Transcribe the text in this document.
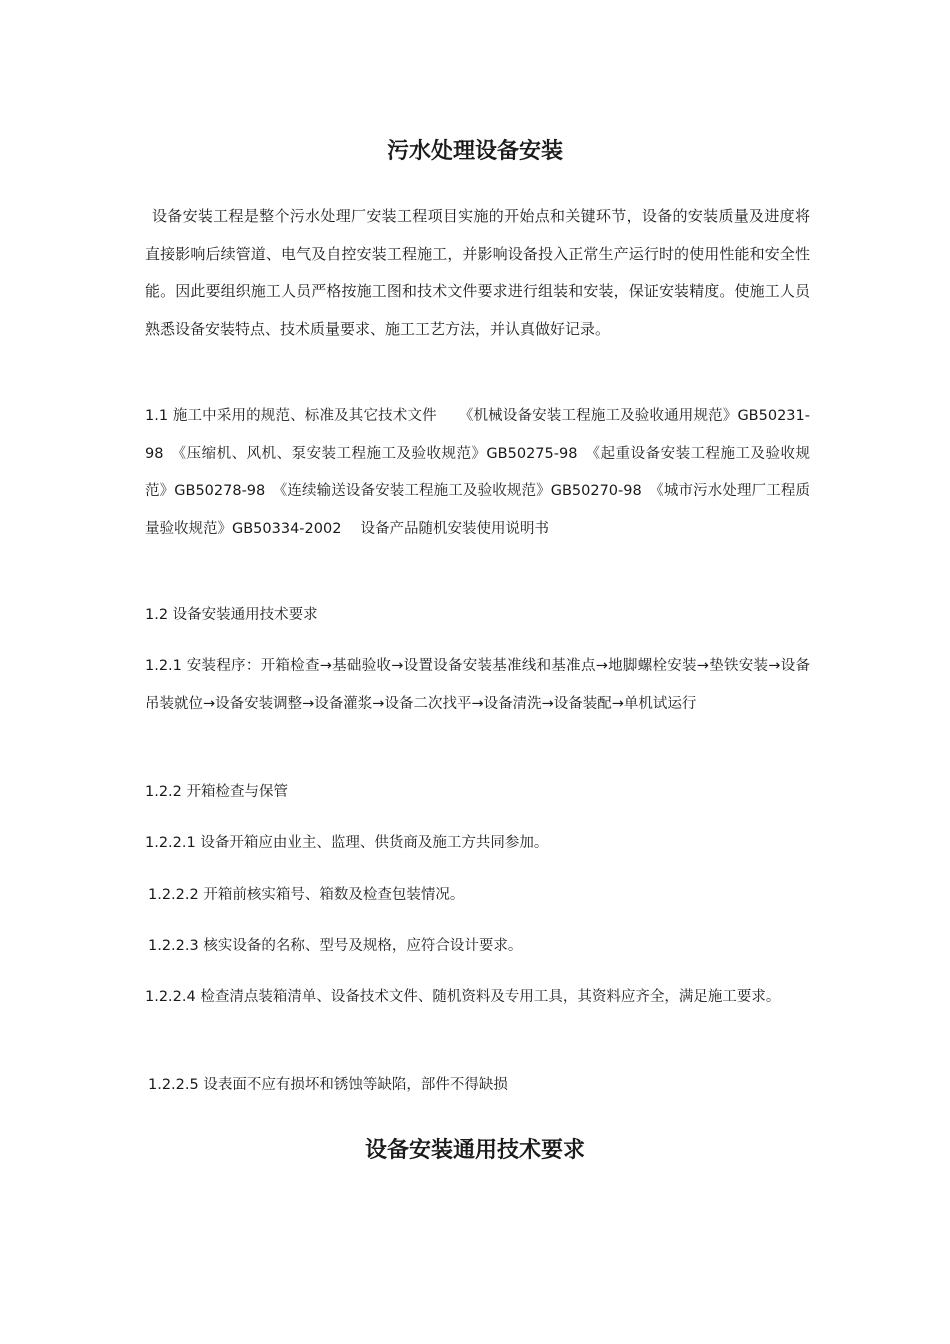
污水处理设备安装

设备安装工程是整个污水处理厂安装工程项目实施的开始点和关键环节，设备的安装质量及进度将直接影响后续管道、电气及自控安装工程施工，并影响设备投入正常生产运行时的使用性能和安全性能。因此要组织施工人员严格按施工图和技术文件要求进行组装和安装，保证安装精度。使施工人员熟悉设备安装特点、技术质量要求、施工工艺方法，并认真做好记录。

1.1 施工中采用的规范、标准及其它技术文件　　《机械设备安装工程施工及验收通用规范》GB50231-98　《压缩机、风机、泵安装工程施工及验收规范》GB50275-98　《起重设备安装工程施工及验收规范》GB50278-98　《连续输送设备安装工程施工及验收规范》GB50270-98　《城市污水处理厂工程质量验收规范》GB50334-2002　 设备产品随机安装使用说明书

1.2 设备安装通用技术要求

1.2.1 安装程序：开箱检查→基础验收→设置设备安装基准线和基准点→地脚螺栓安装→垫铁安装→设备吊装就位→设备安装调整→设备灌浆→设备二次找平→设备清洗→设备装配→单机试运行

1.2.2 开箱检查与保管

1.2.2.1 设备开箱应由业主、监理、供货商及施工方共同参加。

1.2.2.2 开箱前核实箱号、箱数及检查包装情况。

1.2.2.3 核实设备的名称、型号及规格，应符合设计要求。

1.2.2.4 检查清点装箱清单、设备技术文件、随机资料及专用工具，其资料应齐全，满足施工要求。

1.2.2.5 设表面不应有损坏和锈蚀等缺陷，部件不得缺损

设备安装通用技术要求
